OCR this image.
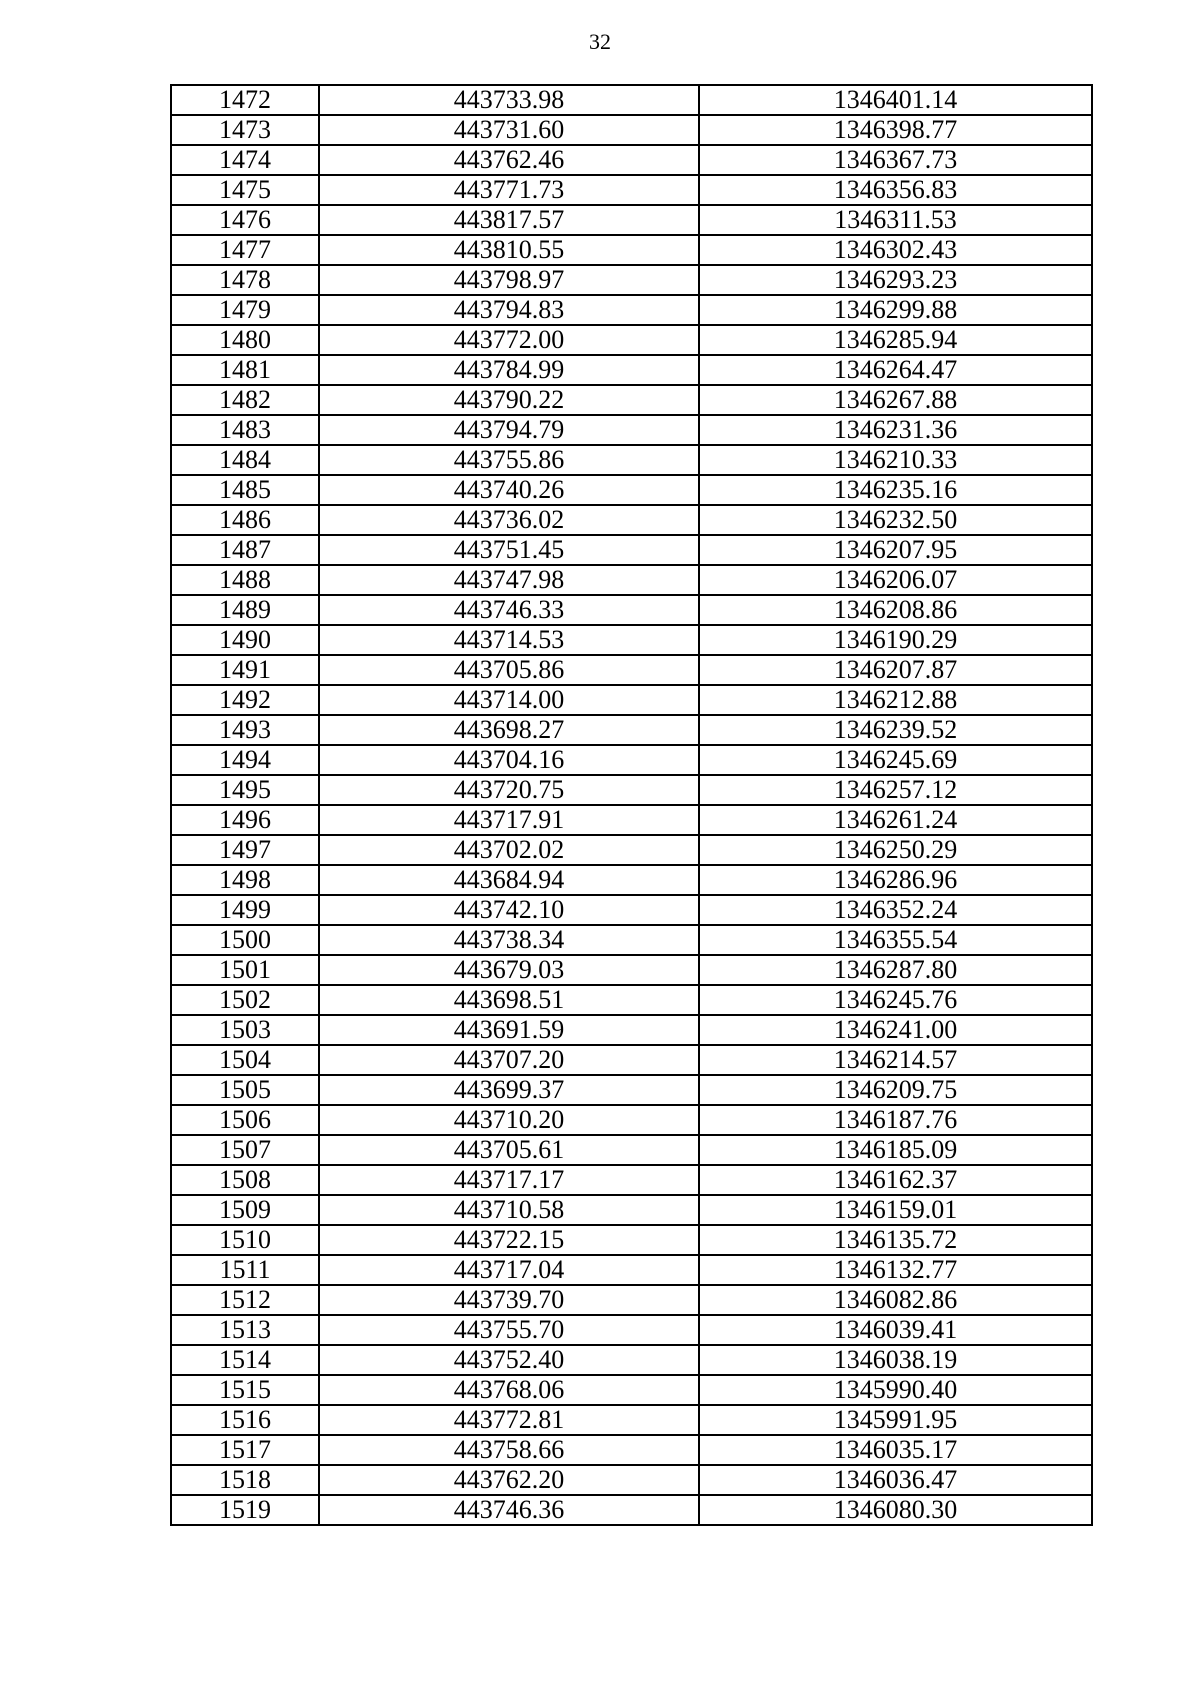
32
1472	443733.98	1346401.14
1473	443731.60	1346398.77
1474	443762.46	1346367.73
1475	443771.73	1346356.83
1476	443817.57	1346311.53
1477	443810.55	1346302.43
1478	443798.97	1346293.23
1479	443794.83	1346299.88
1480	443772.00	1346285.94
1481	443784.99	1346264.47
1482	443790.22	1346267.88
1483	443794.79	1346231.36
1484	443755.86	1346210.33
1485	443740.26	1346235.16
1486	443736.02	1346232.50
1487	443751.45	1346207.95
1488	443747.98	1346206.07
1489	443746.33	1346208.86
1490	443714.53	1346190.29
1491	443705.86	1346207.87
1492	443714.00	1346212.88
1493	443698.27	1346239.52
1494	443704.16	1346245.69
1495	443720.75	1346257.12
1496	443717.91	1346261.24
1497	443702.02	1346250.29
1498	443684.94	1346286.96
1499	443742.10	1346352.24
1500	443738.34	1346355.54
1501	443679.03	1346287.80
1502	443698.51	1346245.76
1503	443691.59	1346241.00
1504	443707.20	1346214.57
1505	443699.37	1346209.75
1506	443710.20	1346187.76
1507	443705.61	1346185.09
1508	443717.17	1346162.37
1509	443710.58	1346159.01
1510	443722.15	1346135.72
1511	443717.04	1346132.77
1512	443739.70	1346082.86
1513	443755.70	1346039.41
1514	443752.40	1346038.19
1515	443768.06	1345990.40
1516	443772.81	1345991.95
1517	443758.66	1346035.17
1518	443762.20	1346036.47
1519	443746.36	1346080.30
